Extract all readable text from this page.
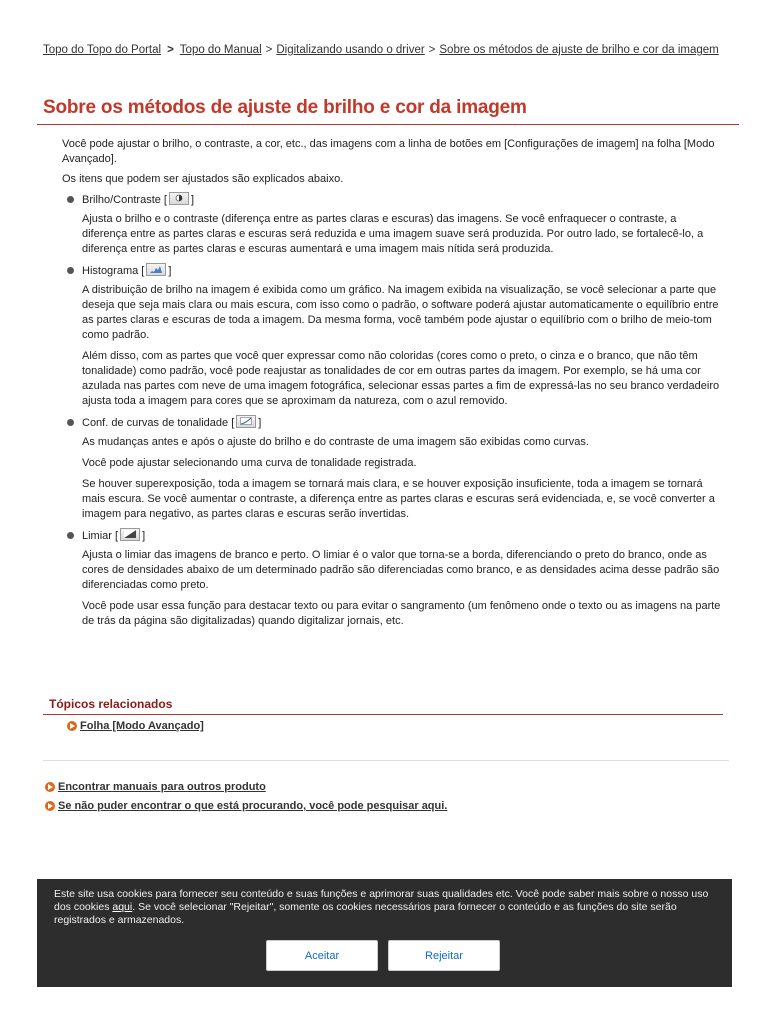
Topo do Topo do Portal > Topo do Manual > Digitalizando usando o driver > Sobre os métodos de ajuste de brilho e cor da imagem
Sobre os métodos de ajuste de brilho e cor da imagem

Você pode ajustar o brilho, o contraste, a cor, etc., das imagens com a linha de botões em [Configurações de imagem] na folha [Modo Avançado].

Os itens que podem ser ajustados são explicados abaixo.

Brilho/Contraste [ ]

Ajusta o brilho e o contraste (diferença entre as partes claras e escuras) das imagens. Se você enfraquecer o contraste, a diferença entre as partes claras e escuras será reduzida e uma imagem suave será produzida. Por outro lado, se fortalecê-lo, a diferença entre as partes claras e escuras aumentará e uma imagem mais nítida será produzida.

Histograma [ ]

A distribuição de brilho na imagem é exibida como um gráfico. Na imagem exibida na visualização, se você selecionar a parte que deseja que seja mais clara ou mais escura, com isso como o padrão, o software poderá ajustar automaticamente o equilíbrio entre as partes claras e escuras de toda a imagem. Da mesma forma, você também pode ajustar o equilíbrio com o brilho de meio-tom como padrão.

Além disso, com as partes que você quer expressar como não coloridas (cores como o preto, o cinza e o branco, que não têm tonalidade) como padrão, você pode reajustar as tonalidades de cor em outras partes da imagem. Por exemplo, se há uma cor azulada nas partes com neve de uma imagem fotográfica, selecionar essas partes a fim de expressá-las no seu branco verdadeiro ajusta toda a imagem para cores que se aproximam da natureza, com o azul removido.

Conf. de curvas de tonalidade [ ]

As mudanças antes e após o ajuste do brilho e do contraste de uma imagem são exibidas como curvas.

Você pode ajustar selecionando uma curva de tonalidade registrada.

Se houver superexposição, toda a imagem se tornará mais clara, e se houver exposição insuficiente, toda a imagem se tornará mais escura. Se você aumentar o contraste, a diferença entre as partes claras e escuras será evidenciada, e, se você converter a imagem para negativo, as partes claras e escuras serão invertidas.

Limiar [ ]

Ajusta o limiar das imagens de branco e perto. O limiar é o valor que torna-se a borda, diferenciando o preto do branco, onde as cores de densidades abaixo de um determinado padrão são diferenciadas como branco, e as densidades acima desse padrão são diferenciadas como preto.

Você pode usar essa função para destacar texto ou para evitar o sangramento (um fenômeno onde o texto ou as imagens na parte de trás da página são digitalizadas) quando digitalizar jornais, etc.

Tópicos relacionados
Folha [Modo Avançado]
Encontrar manuais para outros produto
Se não puder encontrar o que está procurando, você pode pesquisar aqui.
Este site usa cookies para fornecer seu conteúdo e suas funções e aprimorar suas qualidades etc. Você pode saber mais sobre o nosso uso dos cookies aqui. Se você selecionar "Rejeitar", somente os cookies necessários para fornecer o conteúdo e as funções do site serão registrados e armazenados.
Aceitar	Rejeitar
